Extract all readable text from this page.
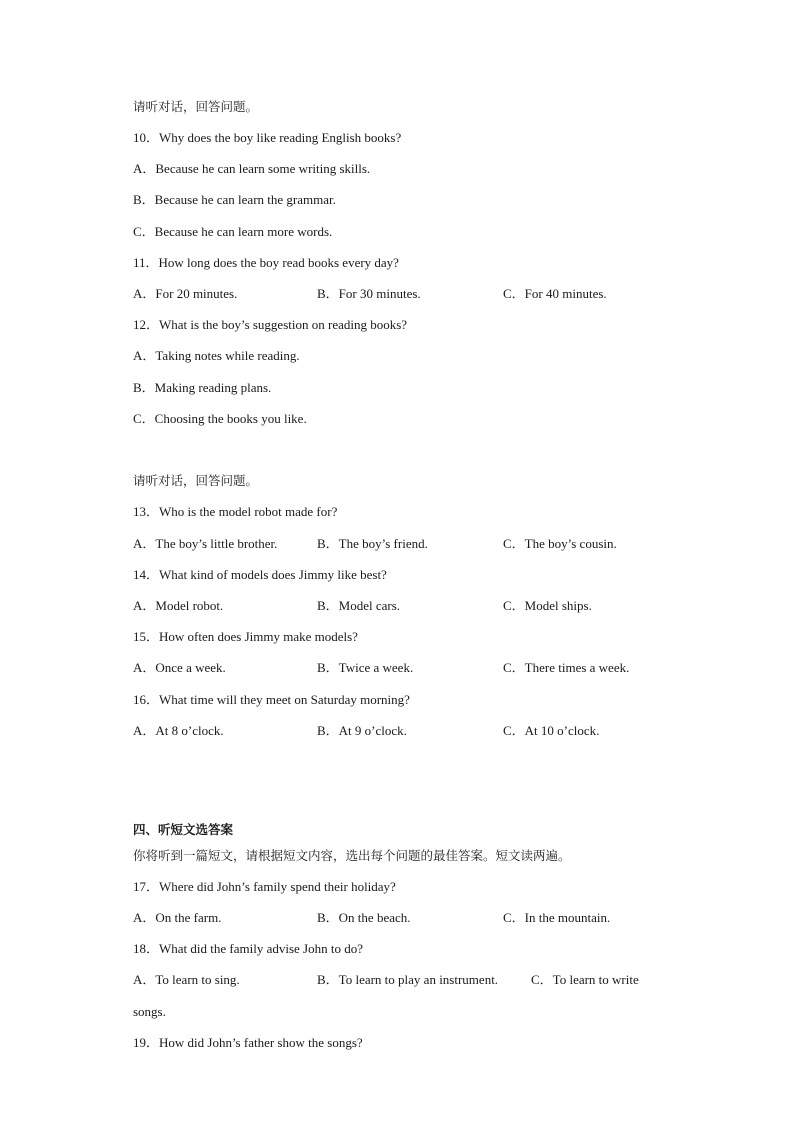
请听对话，回答问题。
10．Why does the boy like reading English books?
A．Because he can learn some writing skills.
B．Because he can learn the grammar.
C．Because he can learn more words.
11．How long does the boy read books every day?
A．For 20 minutes.	B．For 30 minutes.	C．For 40 minutes.
12．What is the boy’s suggestion on reading books?
A．Taking notes while reading.
B．Making reading plans.
C．Choosing the books you like.
请听对话，回答问题。
13．Who is the model robot made for?
A．The boy’s little brother.	B．The boy’s friend.	C．The boy’s cousin.
14．What kind of models does Jimmy like best?
A．Model robot.	B．Model cars.	C．Model ships.
15．How often does Jimmy make models?
A．Once a week.	B．Twice a week.	C．There times a week.
16．What time will they meet on Saturday morning?
A．At 8 o’clock.	B．At 9 o’clock.	C．At 10 o’clock.
四、听短文选答案
你将听到一篇短文，请根据短文内容，选出每个问题的最佳答案。短文读两遍。
17．Where did John’s family spend their holiday?
A．On the farm.	B．On the beach.	C．In the mountain.
18．What did the family advise John to do?
A．To learn to sing.	B．To learn to play an instrument.	C．To learn to write
songs.
19．How did John’s father show the songs?
